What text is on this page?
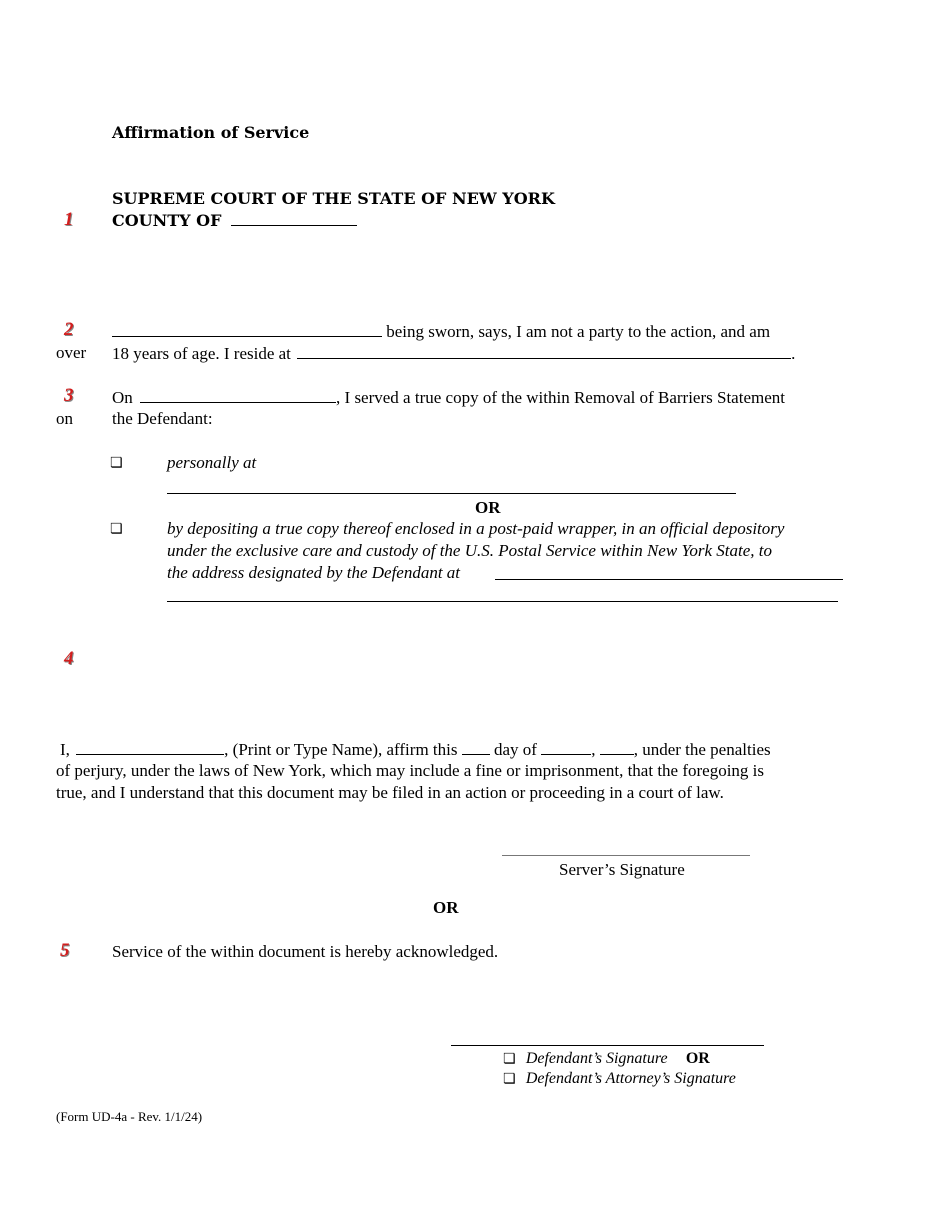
Affirmation of Service
SUPREME COURT OF THE STATE OF NEW YORK
COUNTY OF
1
2	being sworn, says, I am not a party to the action, and am
over 18 years of age. I reside at	.
3 On	, I served a true copy of the within Removal of Barriers Statement
on the Defendant:
❏	personally at
OR
❏	by depositing a true copy thereof enclosed in a post-paid wrapper, in an official depository
under the exclusive care and custody of the U.S. Postal Service within New York State, to
the address designated by the Defendant at
4
I,	, (Print or Type Name), affirm this day of	, , under the penalties
of perjury, under the laws of New York, which may include a fine or imprisonment, that the foregoing is
true, and I understand that this document may be filed in an action or proceeding in a court of law.
Server’s Signature
OR
5	Service of the within document is hereby acknowledged.
❏ Defendant’s Signature OR
❏ Defendant’s Attorney’s Signature
(Form UD-4a - Rev. 1/1/24)
